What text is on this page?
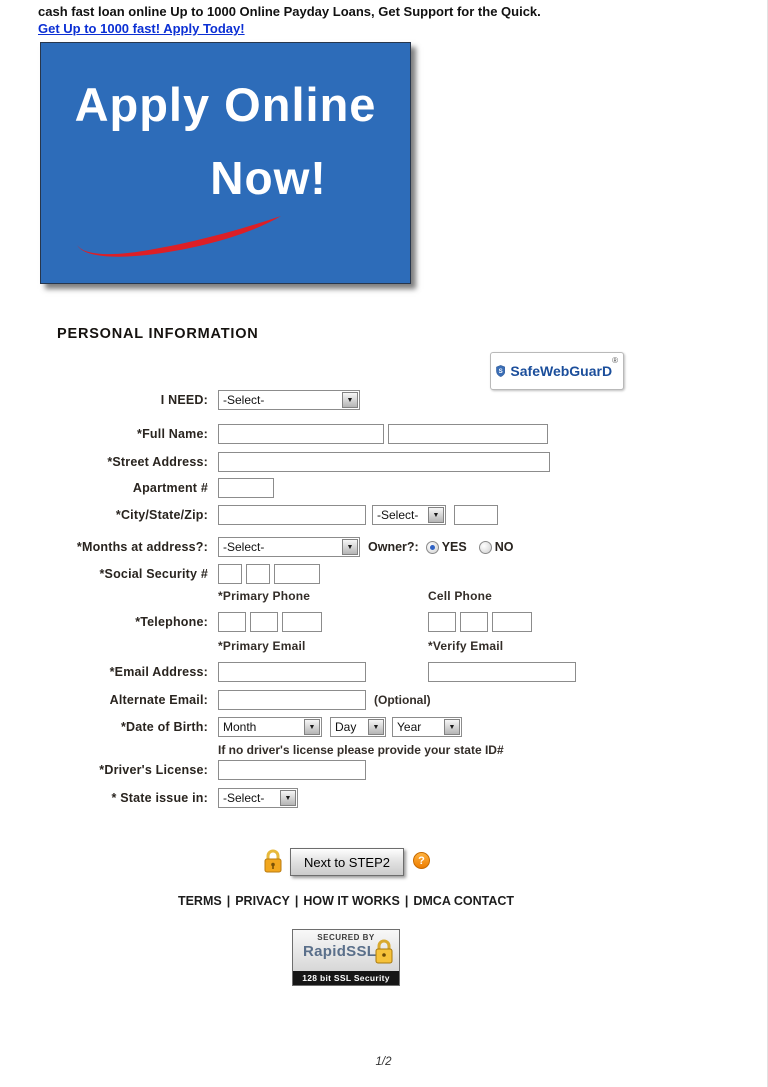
cash fast loan online Up to 1000 Online Payday Loans, Get Support for the Quick.
Get Up to 1000 fast! Apply Today!
Apply Online
Now!
PERSONAL INFORMATION
S SafeWebGuarD
®
I NEED:	-Select-	▼
*Full Name:
*Street Address:
Apartment #
*City/State/Zip:	-Select-	▼
*Months at address?:	-Select-	▼	Owner?: YES NO
*Social Security #
*Primary Phone	Cell Phone
*Telephone:
*Primary Email	*Verify Email
*Email Address:
Alternate Email:	(Optional)
*Date of Birth:	Month	▼	Day	▼	Year	▼
If no driver's license please provide your state ID#
*Driver's License:
* State issue in:	-Select-	▼
Next to STEP2	?
TERMS | PRIVACY | HOW IT WORKS | DMCA CONTACT
SECURED BY
RapidSSL
128 bit SSL Security
1/2
